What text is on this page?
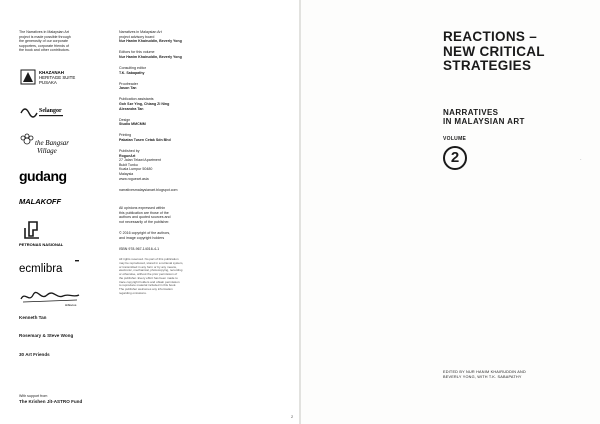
The Narratives in Malaysian Art
project is made possible through
the generosity of our corporate
supporters, corporate friends of
the book and other contributors.
KHAZANAH
HERITAGE SUITE
PUSAKA
Selangor
the Bangsar
Village
gudang
MALAKOFF
PETRONAS NASIONAL
ecmlibra
Hibiscus
Kenneth Tan
Rosemary & Steve Wong
30 Art Friends
With support from
The Krishen Jit-ASTRO Fund
Narratives in Malaysian Art
project advisory board
Nur Hanim Khairuddin, Beverly Yong
Editors for this volume
Nur Hanim Khairuddin, Beverly Yong
Consulting editor
T.K. Sabapathy
Proofreader
Jason Tan
Publication assistants
Goh Sze Ying, Chiang Zi Ning
Alexandra Tan
Design
Studio MMCMM
Printing
Pakatan Tusen Cetak Sdn Bhd
Published by
RogueArt
27 Jalan Telawi Apartment
Bukit Tunku
Kuala Lumpur 50480
Malaysia
www.rogueart.asia
narrativesmalaysianart.blogspot.com
All opinions expressed within
this publication are those of the
authors and quoted sources and
not necessarily of the publisher.
© 2016 copyright of the authors,
and image copyright holders
ISBN 978-967-14016-4-1
All rights reserved. No part of this publication
may be reproduced, stored in a retrieval system,
or transmitted in any form or by any means,
electronic, mechanical, photocopying, recording
or otherwise, without the prior permission of
the publisher. Every effort has been made to
trace copyright holders and obtain permission
to reproduce material included in this book.
The publisher welcomes any information
regarding omissions.
REACTIONS –
NEW CRITICAL
STRATEGIES
NARRATIVES
IN MALAYSIAN ART
VOLUME
2	-
EDITED BY NUR HANIM KHAIRUDDIN AND
BEVERLY YONG, WITH T.K. SABAPATHY
2
